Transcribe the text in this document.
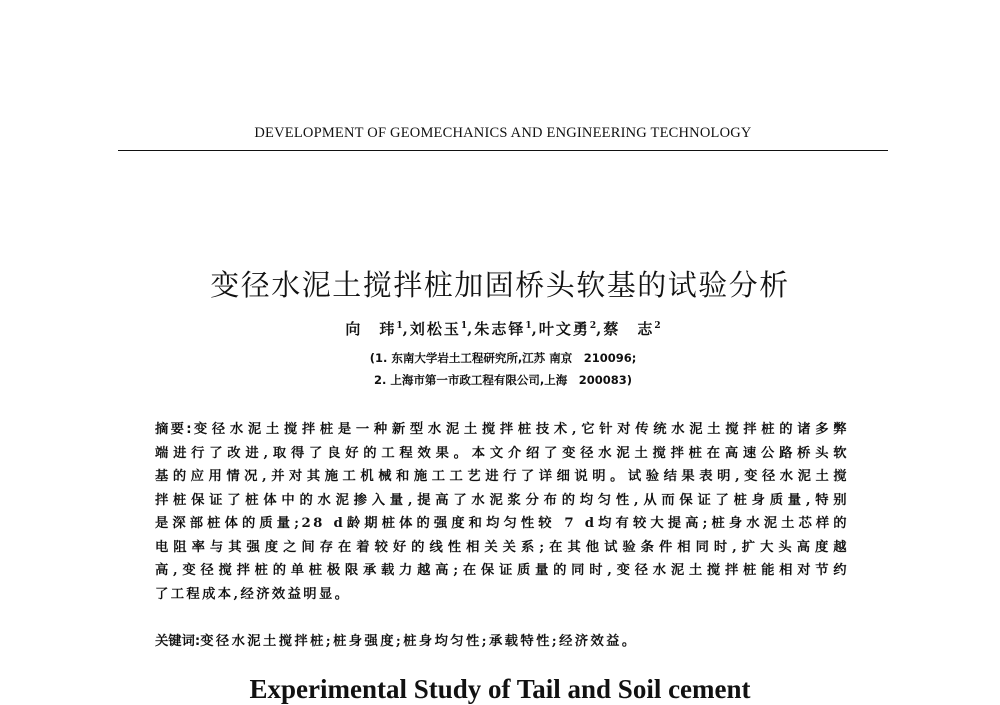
DEVELOPMENT OF GEOMECHANICS AND ENGINEERING TECHNOLOGY
变径水泥土搅拌桩加固桥头软基的试验分析
向　玮$^1$,刘松玉$^1$,朱志铎$^1$,叶文勇$^2$,蔡　志$^2$
(1. 东南大学岩土工程研究所,江苏 南京　210096;
2. 上海市第一市政工程有限公司,上海　200083)
摘要:变径水泥土搅拌桩是一种新型水泥土搅拌桩技术,它针对传统水泥土搅拌桩的诸多弊
端进行了改进,取得了良好的工程效果。本文介绍了变径水泥土搅拌桩在高速公路桥头软
基的应用情况,并对其施工机械和施工工艺进行了详细说明。试验结果表明,变径水泥土搅
拌桩保证了桩体中的水泥掺入量,提高了水泥浆分布的均匀性,从而保证了桩身质量,特别
是深部桩体的质量;28 d龄期桩体的强度和均匀性较 7 d均有较大提高;桩身水泥土芯样的
电阻率与其强度之间存在着较好的线性相关关系;在其他试验条件相同时,扩大头高度越
高,变径搅拌桩的单桩极限承载力越高;在保证质量的同时,变径水泥土搅拌桩能相对节约
了工程成本,经济效益明显。
关键词:变径水泥土搅拌桩;桩身强度;桩身均匀性;承载特性;经济效益。
Experimental Study of Tail and Soil cement
